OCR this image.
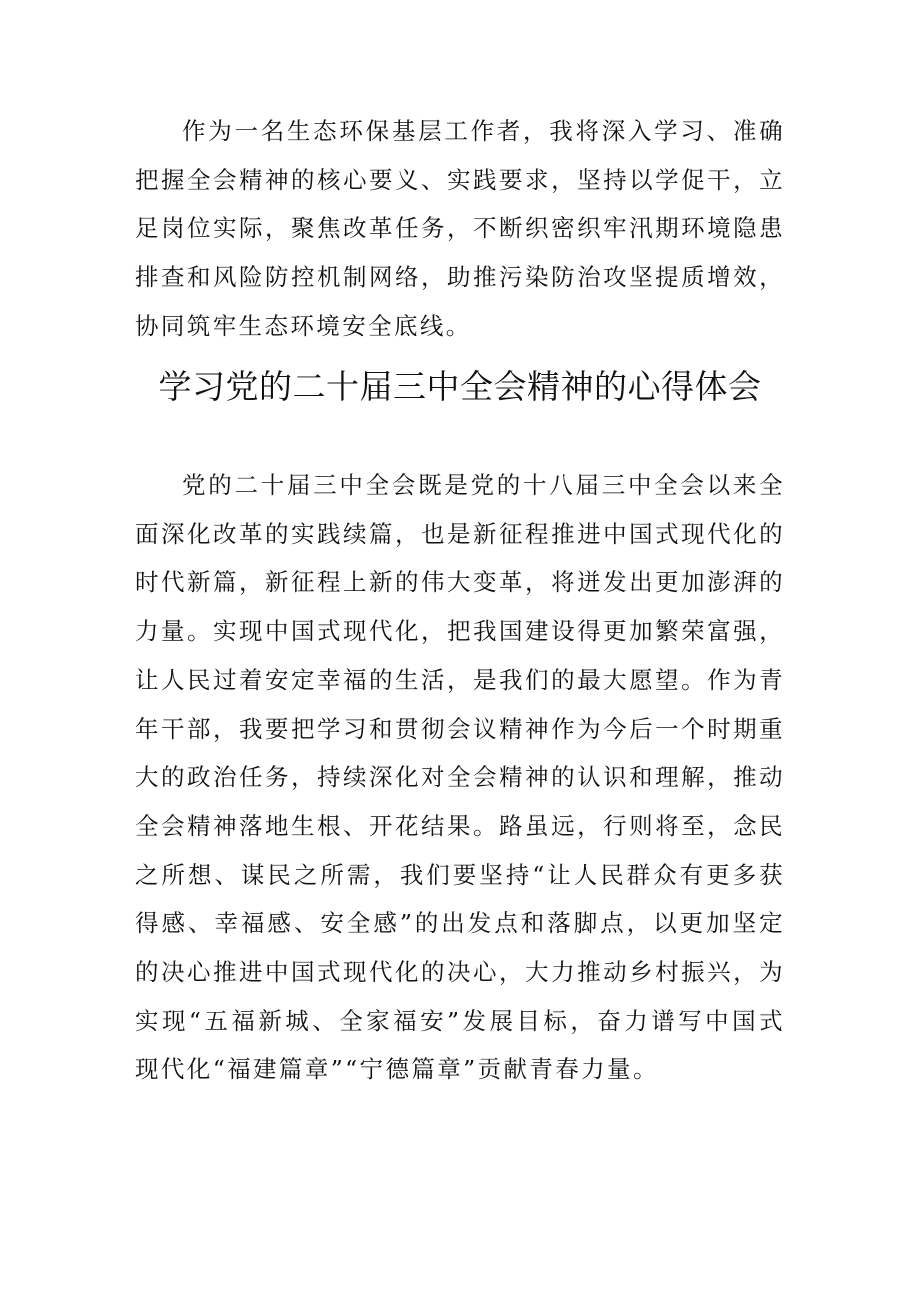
作为一名生态环保基层工作者，我将深入学习、准确把握全会精神的核心要义、实践要求，坚持以学促干，立足岗位实际，聚焦改革任务，不断织密织牢汛期环境隐患排查和风险防控机制网络，助推污染防治攻坚提质增效，协同筑牢生态环境安全底线。

学习党的二十届三中全会精神的心得体会

党的二十届三中全会既是党的十八届三中全会以来全面深化改革的实践续篇，也是新征程推进中国式现代化的时代新篇，新征程上新的伟大变革，将迸发出更加澎湃的力量。实现中国式现代化，把我国建设得更加繁荣富强，让人民过着安定幸福的生活，是我们的最大愿望。作为青年干部，我要把学习和贯彻会议精神作为今后一个时期重大的政治任务，持续深化对全会精神的认识和理解，推动全会精神落地生根、开花结果。路虽远，行则将至，念民之所想、谋民之所需，我们要坚持“让人民群众有更多获得感、幸福感、安全感”的出发点和落脚点，以更加坚定的决心推进中国式现代化的决心，大力推动乡村振兴，为实现“五福新城、全家福安”发展目标，奋力谱写中国式现代化“福建篇章”“宁德篇章”贡献青春力量。
